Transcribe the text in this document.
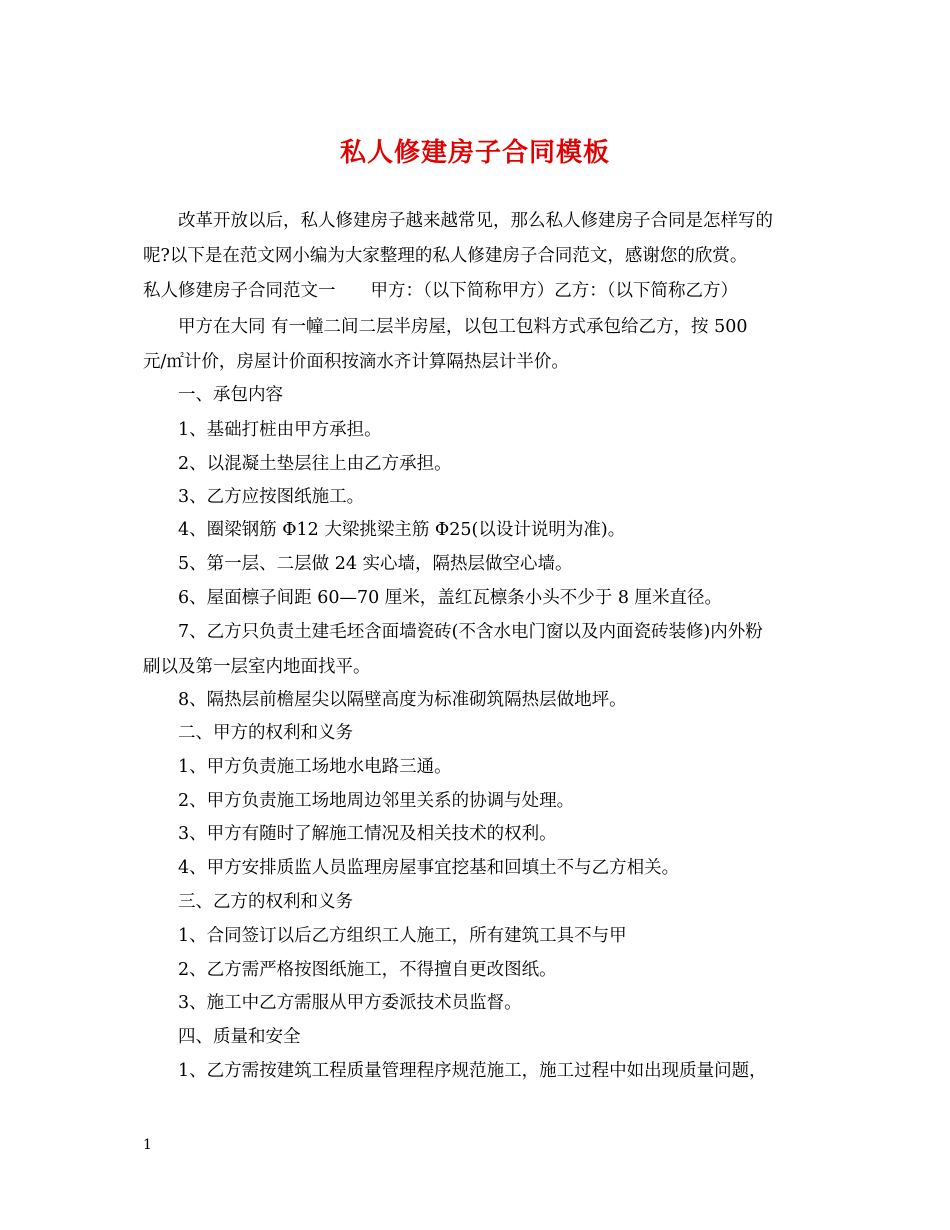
私人修建房子合同模板
改革开放以后，私人修建房子越来越常见，那么私人修建房子合同是怎样写的
呢?以下是在范文网小编为大家整理的私人修建房子合同范文，感谢您的欣赏。
私人修建房子合同范文一　　甲方：（以下简称甲方）乙方：（以下简称乙方）
甲方在大同 有一幢二间二层半房屋，以包工包料方式承包给乙方，按 500
元/㎡计价，房屋计价面积按滴水齐计算隔热层计半价。
一、承包内容
1、基础打桩由甲方承担。
2、以混凝土垫层往上由乙方承担。
3、乙方应按图纸施工。
4、圈梁钢筋 Φ12 大梁挑梁主筋 Φ25(以设计说明为准)。
5、第一层、二层做 24 实心墙，隔热层做空心墙。
6、屋面檩子间距 60—70 厘米，盖红瓦檩条小头不少于 8 厘米直径。
7、乙方只负责土建毛坯含面墙瓷砖(不含水电门窗以及内面瓷砖装修)内外粉
刷以及第一层室内地面找平。
8、隔热层前檐屋尖以隔壁高度为标准砌筑隔热层做地坪。
二、甲方的权利和义务
1、甲方负责施工场地水电路三通。
2、甲方负责施工场地周边邻里关系的协调与处理。
3、甲方有随时了解施工情况及相关技术的权利。
4、甲方安排质监人员监理房屋事宜挖基和回填土不与乙方相关。
三、乙方的权利和义务
1、合同签订以后乙方组织工人施工，所有建筑工具不与甲
2、乙方需严格按图纸施工，不得擅自更改图纸。
3、施工中乙方需服从甲方委派技术员监督。
四、质量和安全
1、乙方需按建筑工程质量管理程序规范施工，施工过程中如出现质量问题，
1
